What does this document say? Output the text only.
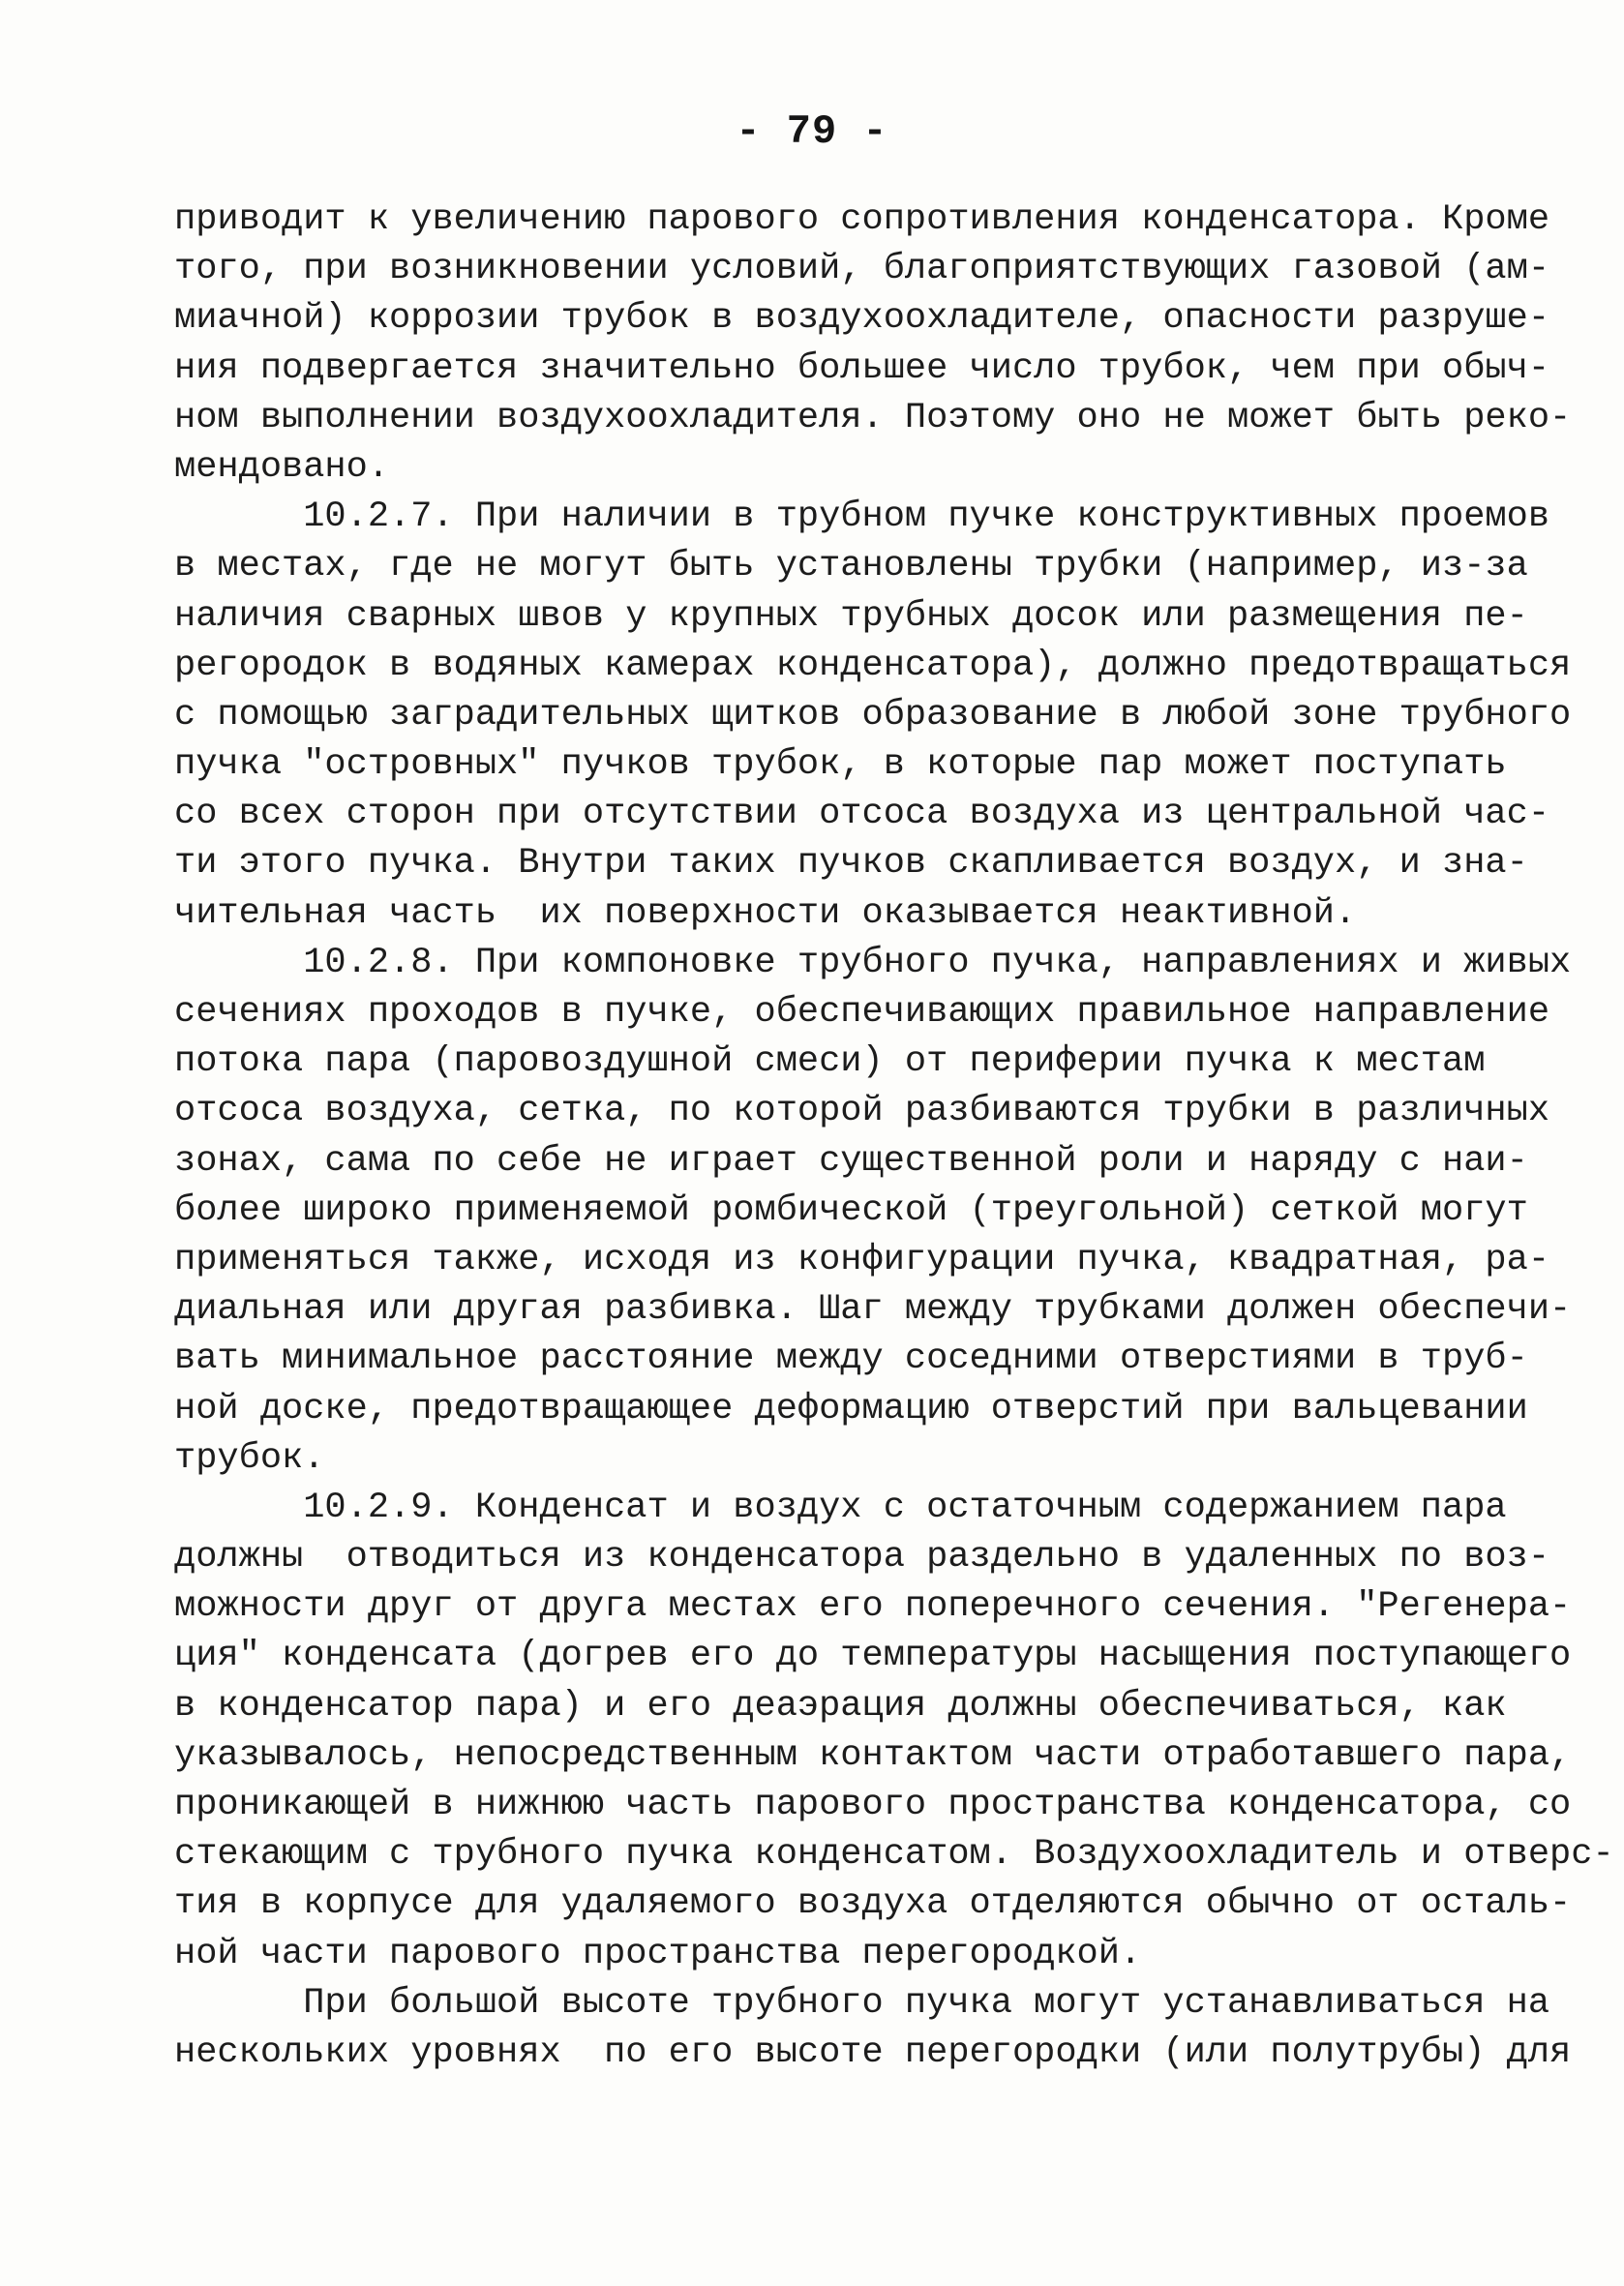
- 79 -
приводит к увеличению парового сопротивления конденсатора. Кроме
того, при возникновении условий, благоприятствующих газовой (ам-
миачной) коррозии трубок в воздухоохладителе, опасности разруше-
ния подвергается значительно большее число трубок, чем при обыч-
ном выполнении воздухоохладителя. Поэтому оно не может быть реко-
мендовано.
10.2.7. При наличии в трубном пучке конструктивных проемов
в местах, где не могут быть установлены трубки (например, из-за
наличия сварных швов у крупных трубных досок или размещения пе-
регородок в водяных камерах конденсатора), должно предотвращаться
с помощью заградительных щитков образование в любой зоне трубного
пучка "островных" пучков трубок, в которые пар может поступать
со всех сторон при отсутствии отсоса воздуха из центральной час-
ти этого пучка. Внутри таких пучков скапливается воздух, и зна-
чительная часть  их поверхности оказывается неактивной.
10.2.8. При компоновке трубного пучка, направлениях и живых
сечениях проходов в пучке, обеспечивающих правильное направление
потока пара (паровоздушной смеси) от периферии пучка к местам
отсоса воздуха, сетка, по которой разбиваются трубки в различных
зонах, сама по себе не играет существенной роли и наряду с наи-
более широко применяемой ромбической (треугольной) сеткой могут
применяться также, исходя из конфигурации пучка, квадратная, ра-
диальная или другая разбивка. Шаг между трубками должен обеспечи-
вать минимальное расстояние между соседними отверстиями в труб-
ной доске, предотвращающее деформацию отверстий при вальцевании
трубок.
10.2.9. Конденсат и воздух с остаточным содержанием пара
должны  отводиться из конденсатора раздельно в удаленных по воз-
можности друг от друга местах его поперечного сечения. "Регенера-
ция" конденсата (догрев его до температуры насыщения поступающего
в конденсатор пара) и его деаэрация должны обеспечиваться, как
указывалось, непосредственным контактом части отработавшего пара,
проникающей в нижнюю часть парового пространства конденсатора, со
стекающим с трубного пучка конденсатом. Воздухоохладитель и отверс-
тия в корпусе для удаляемого воздуха отделяются обычно от осталь-
ной части парового пространства перегородкой.
При большой высоте трубного пучка могут устанавливаться на
нескольких уровнях  по его высоте перегородки (или полутрубы) для
